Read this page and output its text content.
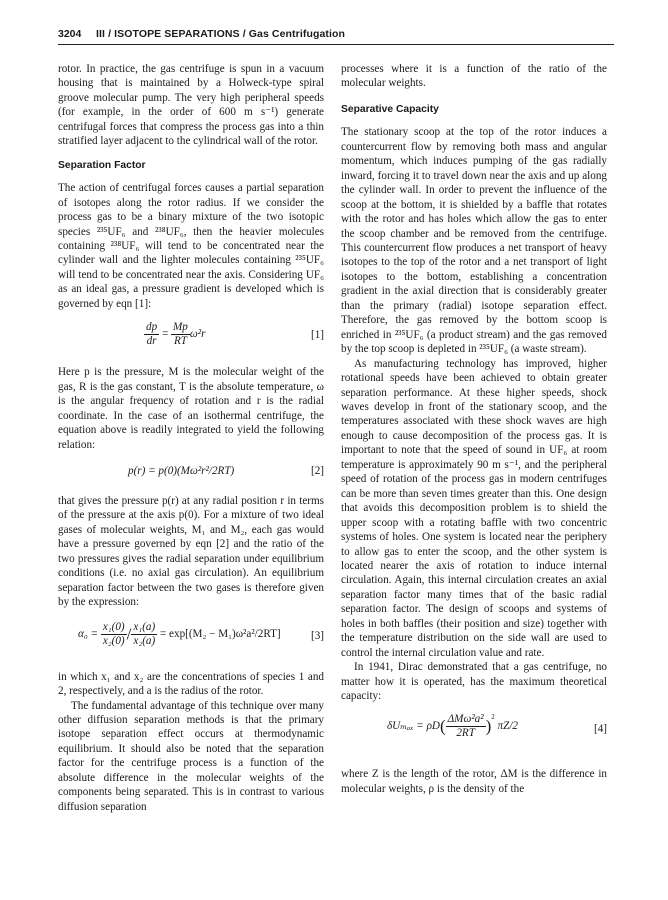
3204 III / ISOTOPE SEPARATIONS / Gas Centrifugation

rotor. In practice, the gas centrifuge is spun in a vacuum housing that is maintained by a Holweck-type spiral groove molecular pump. The very high peripheral speeds (for example, in the order of 600 m s⁻¹) generate centrifugal forces that compress the process gas into a thin stratified layer adjacent to the cylindrical wall of the rotor.

Separation Factor

The action of centrifugal forces causes a partial separation of isotopes along the rotor radius. If we consider the process gas to be a binary mixture of the two isotopic species ²³⁵UF₆ and ²³⁸UF₆, then the heavier molecules containing ²³⁸UF₆ will tend to be concentrated near the cylinder wall and the lighter molecules containing ²³⁵UF₆ will tend to be concentrated near the axis. Considering UF₆ as an ideal gas, a pressure gradient is developed which is governed by eqn [1]:

$\frac{dp}{dr} = \frac{Mp}{RT} \omega^2r$	[1]

Here p is the pressure, M is the molecular weight of the gas, R is the gas constant, T is the absolute temperature, ω is the angular frequency of rotation and r is the radial coordinate. In the case of an isothermal centrifuge, the equation above is readily integrated to yield the following relation:

p(r) = p(0)(Mω²r²/2RT)	[2]

that gives the pressure p(r) at any radial position r in terms of the pressure at the axis p(0). For a mixture of two ideal gases of molecular weights, M₁ and M₂, each gas would have a pressure governed by eqn [2] and the ratio of the two pressures gives the radial separation under equilibrium conditions (i.e. no axial gas circulation). An equilibrium separation factor between the two gases is therefore given by the expression:

$\alpha_0 = \frac{\text{x₁(0)}}{\text{x₂(0)}} / \frac{\text{x₁(a)}}{\text{x₂(a)}} = \exp[(M_2 - M_1)\omega^2a^2/2RT]$	[3]

in which x₁ and x₂ are the concentrations of species 1 and 2, respectively, and a is the radius of the rotor.

The fundamental advantage of this technique over many other diffusion separation methods is that the primary isotope separation effect occurs at thermodynamic equilibrium. It should also be noted that the separation factor for the centrifuge process is a function of the absolute difference in the molecular weights of the components being separated. This is in contrast to various diffusion separation

processes where it is a function of the ratio of the molecular weights.

Separative Capacity

The stationary scoop at the top of the rotor induces a countercurrent flow by removing both mass and angular momentum, which induces pumping of the gas radially inward, forcing it to travel down near the axis and up along the cylinder wall. In order to prevent the influence of the scoop at the bottom, it is shielded by a baffle that rotates with the rotor and has holes which allow the gas to enter the scoop chamber and be removed from the centrifuge. This countercurrent flow produces a net transport of heavy isotopes to the top of the rotor and a net transport of light isotopes to the bottom, establishing a concentration gradient in the axial direction that is considerably greater than the primary (radial) isotope separation effect. Therefore, the gas removed by the bottom scoop is enriched in ²³⁵UF₆ (a product stream) and the gas removed by the top scoop is depleted in ²³⁵UF₆ (a waste stream).

As manufacturing technology has improved, higher rotational speeds have been achieved to obtain greater separation performance. At these higher speeds, shock waves develop in front of the stationary scoop, and the temperatures associated with these shock waves are high enough to cause decomposition of the process gas. It is important to note that the speed of sound in UF₆ at room temperature is approximately 90 m s⁻¹, and the peripheral speed of rotation of the process gas in modern centrifuges can be more than seven times greater than this. One design that avoids this decomposition problem is to shield the upper scoop with a rotating baffle with two concentric systems of holes. One system is located near the periphery to allow gas to enter the scoop, and the other system is located nearer the axis of rotation to induce internal circulation. Again, this internal circulation creates an axial separation factor many times that of the basic radial separation factor. The design of scoops and systems of holes in both baffles (their position and size) together with the temperature distribution on the side wall are used to control the internal circulation value and rate.

In 1941, Dirac demonstrated that a gas centrifuge, no matter how it is operated, has the maximum theoretical capacity:

$\delta U_{max} = \rho D( \frac{\text{ΔMω²a²}}{2RT} )^2$ πZ/2	[4]

where Z is the length of the rotor, ΔM is the difference in molecular weights, ρ is the density of the
